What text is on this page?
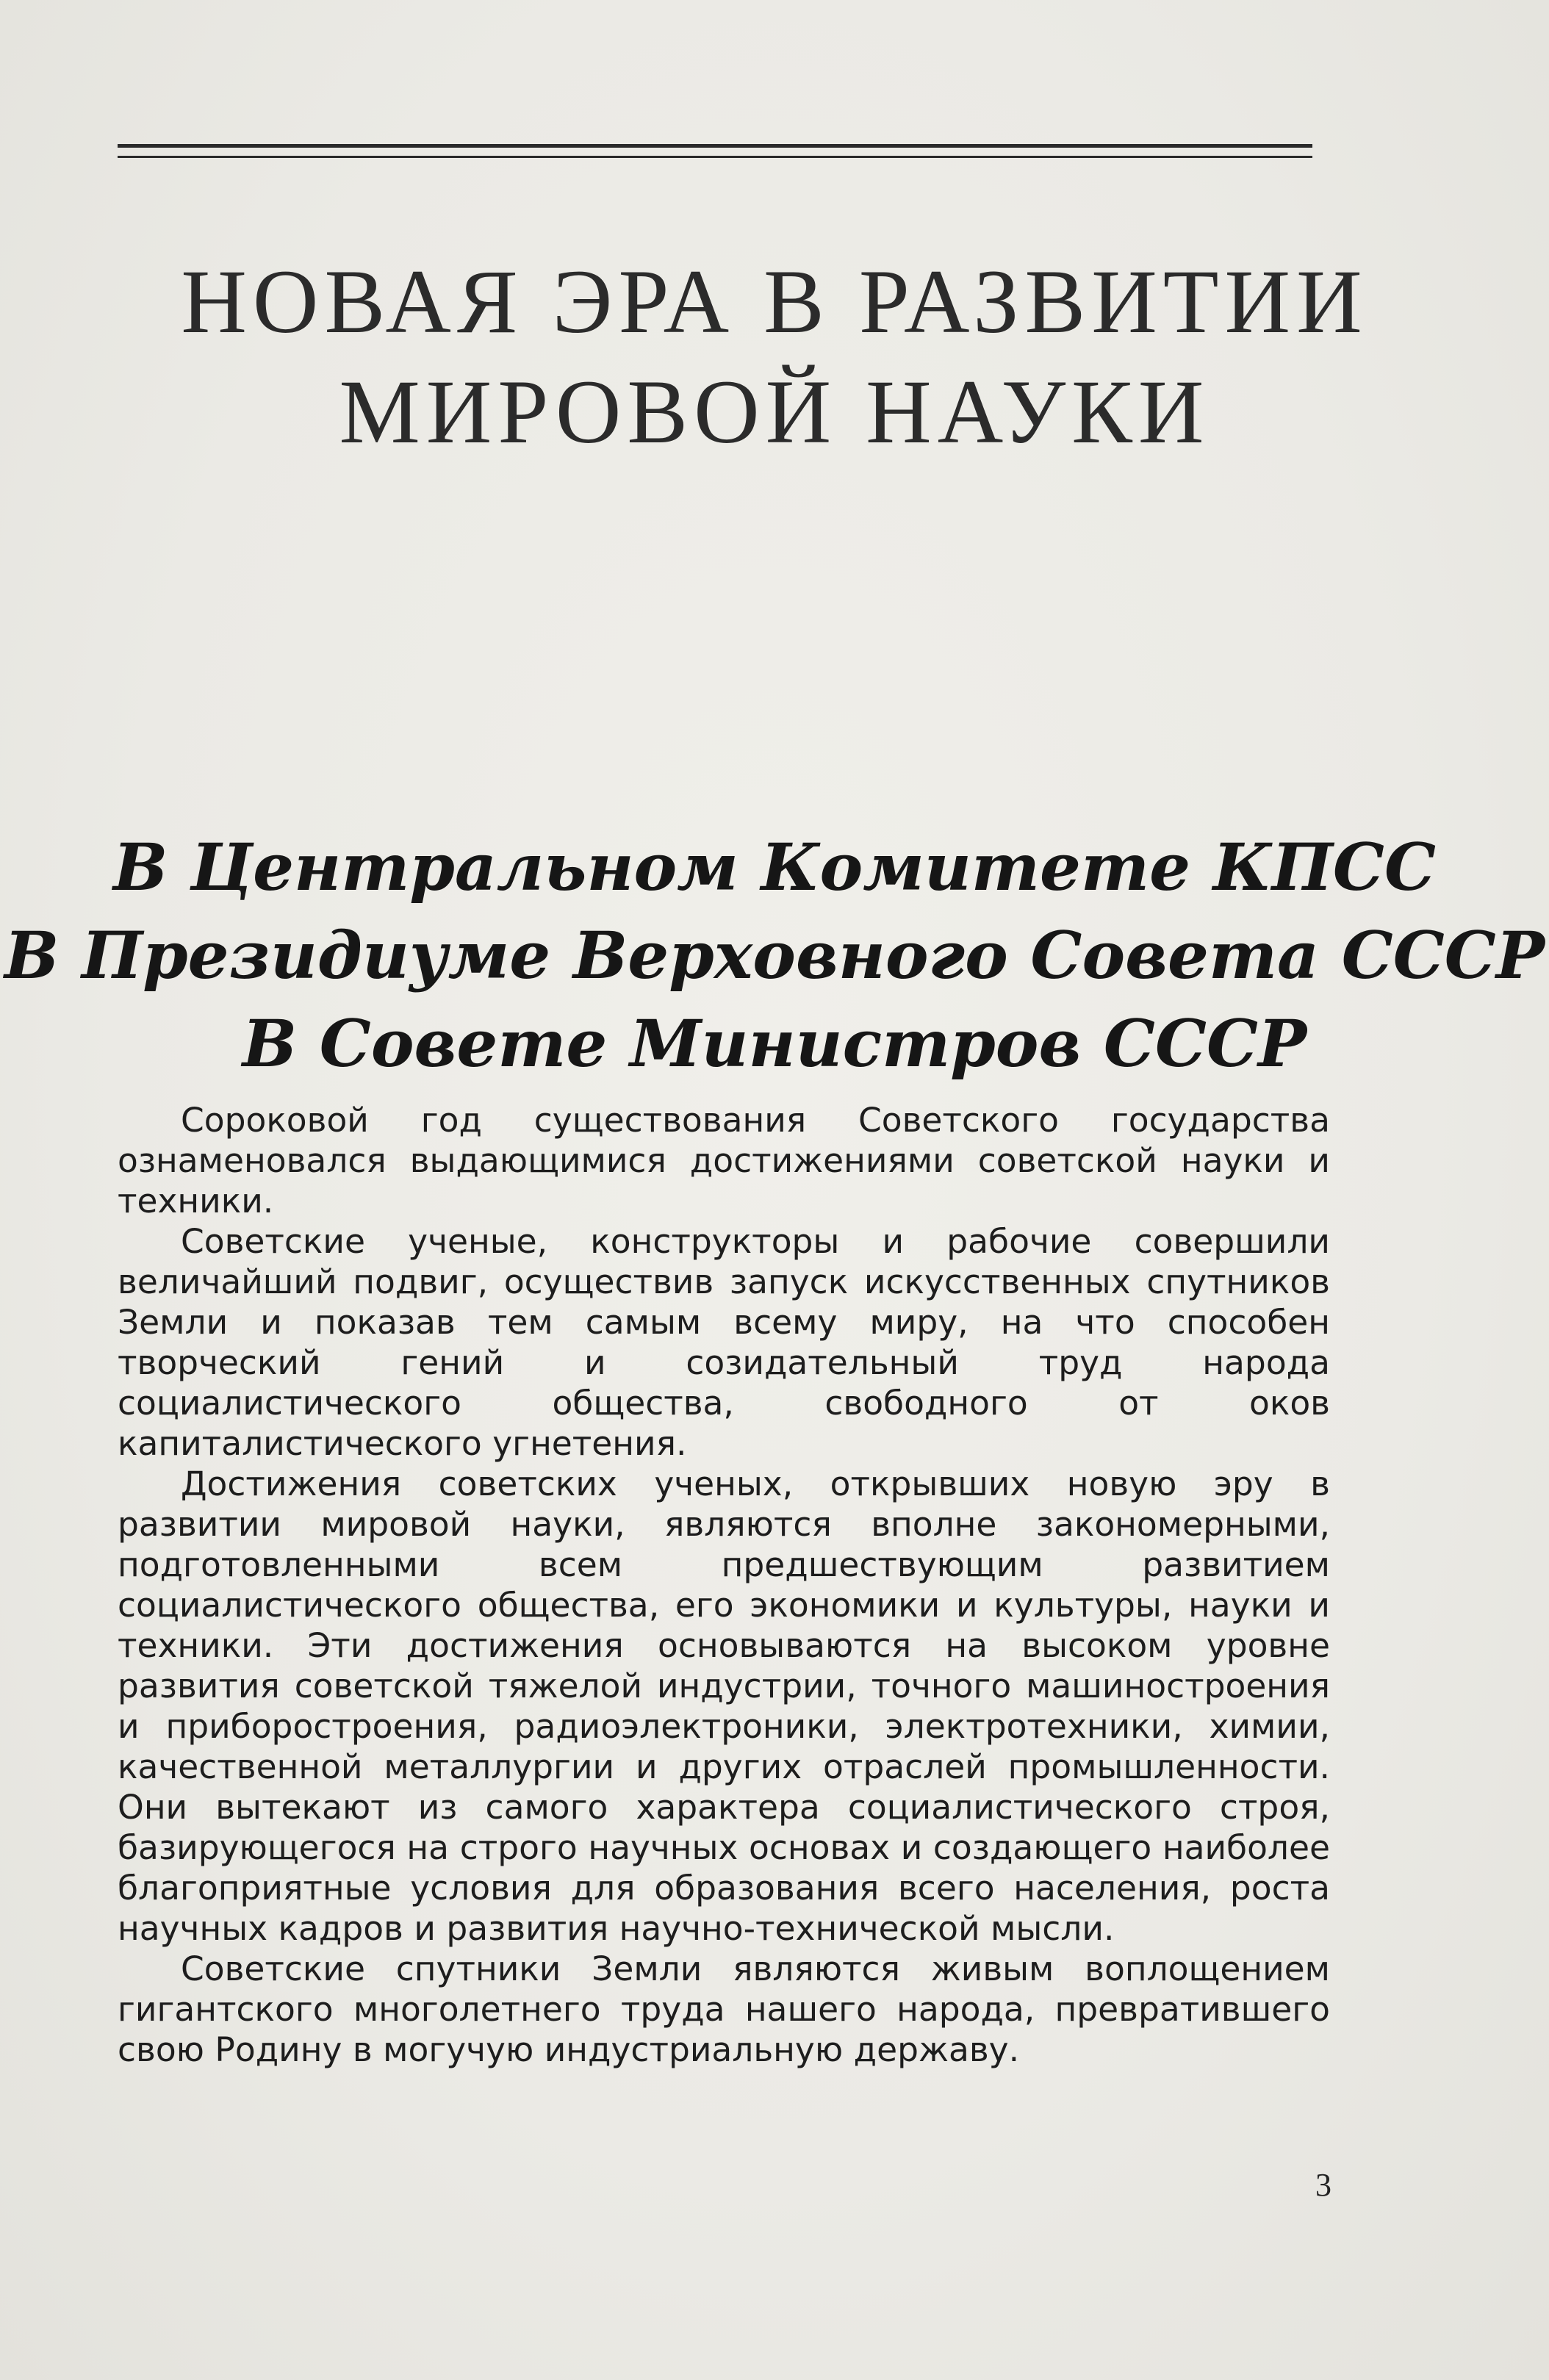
НОВАЯ ЭРА В РАЗВИТИИ
МИРОВОЙ НАУКИ
В Центральном Комитете КПСС
В Президиуме Верховного Совета СССР
В Совете Министров СССР

Сороковой год существования Советского государства ознаменовался выдающимися достижениями советской науки и техники.

Советские ученые, конструкторы и рабочие совершили величайший подвиг, осуществив запуск искусственных спутников Земли и показав тем самым всему миру, на что способен творческий гений и созидательный труд народа социалистического общества, свободного от оков капиталистического угнетения.

Достижения советских ученых, открывших новую эру в развитии мировой науки, являются вполне закономерными, подготовленными всем предшествующим развитием социалистического общества, его экономики и культуры, науки и техники. Эти достижения основываются на высоком уровне развития советской тяжелой индустрии, точного машиностроения и приборостроения, радиоэлектроники, электротехники, химии, качественной металлургии и других отраслей промышленности. Они вытекают из самого характера социалистического строя, базирующегося на строго научных основах и создающего наиболее благоприятные условия для образования всего населения, роста научных кадров и развития научно-технической мысли.

Советские спутники Земли являются живым воплощением гигантского многолетнего труда нашего народа, превратившего свою Родину в могучую индустриальную державу.

3
